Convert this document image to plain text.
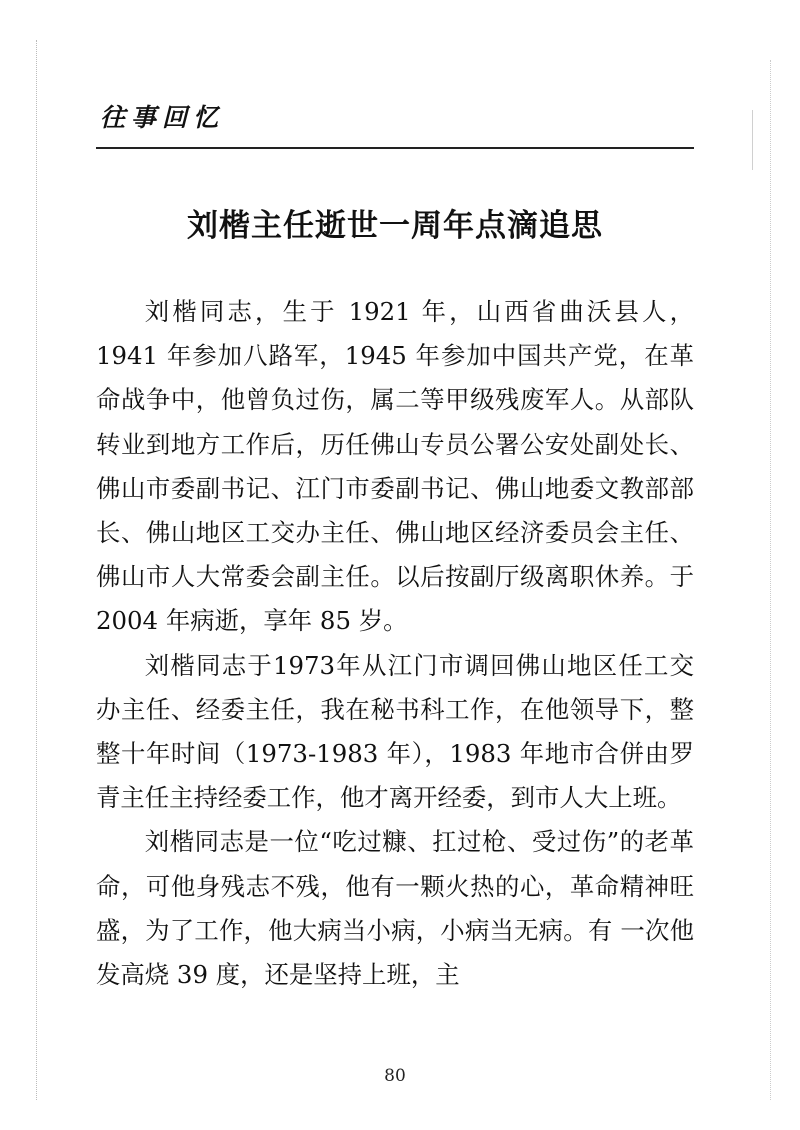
往事回忆
刘楷主任逝世一周年点滴追思

刘楷同志，生于 1921 年，山西省曲沃县人，1941 年参加八路军，1945 年参加中国共产党，在革命战争中，他曾负过伤，属二等甲级残废军人。从部队转业到地方工作后，历任佛山专员公署公安处副处长、佛山市委副书记、江门市委副书记、佛山地委文教部部长、佛山地区工交办主任、佛山地区经济委员会主任、佛山市人大常委会副主任。以后按副厅级离职休养。于 2004 年病逝，享年 85 岁。

刘楷同志于1973年从江门市调回佛山地区任工交办主任、经委主任，我在秘书科工作，在他领导下，整整十年时间（1973-1983 年），1983 年地市合併由罗青主任主持经委工作，他才离开经委，到市人大上班。

刘楷同志是一位“吃过糠、扛过枪、受过伤”的老革命，可他身残志不残，他有一颗火热的心，革命精神旺盛，为了工作，他大病当小病，小病当无病。有 一次他发高烧 39 度，还是坚持上班，主

80
